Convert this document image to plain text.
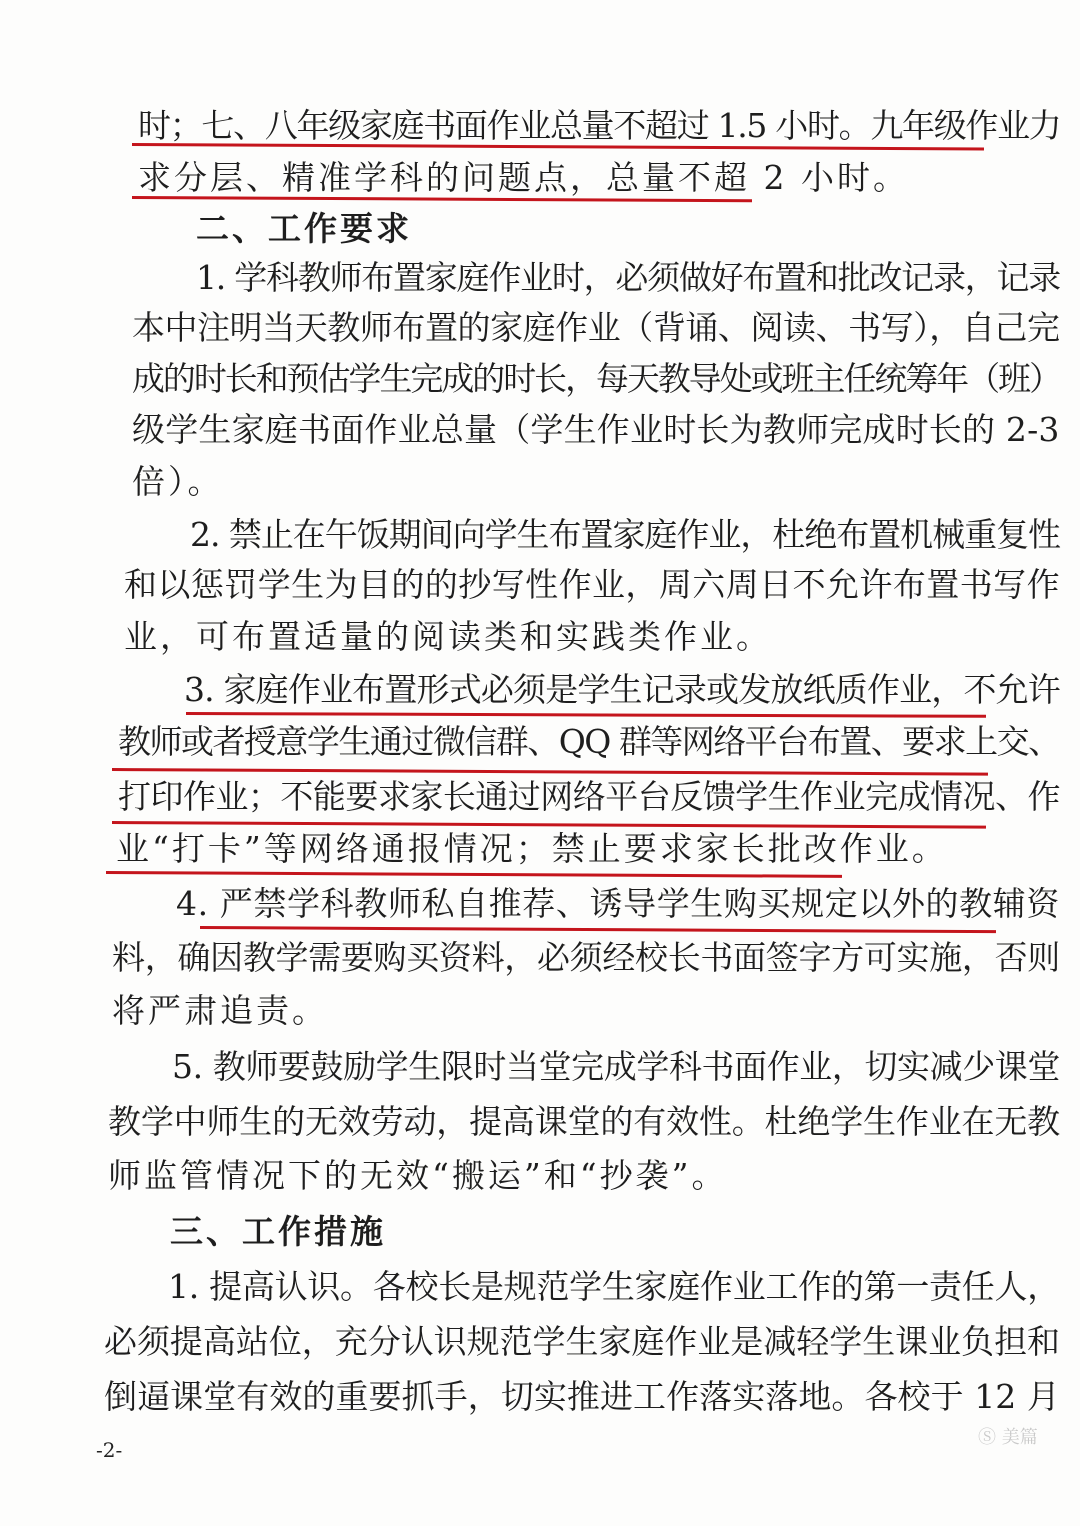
时；七、八年级家庭书面作业总量不超过 1.5 小时。九年级作业力
求分层、精准学科的问题点，总量不超 2 小时。
二、工作要求
1. 学科教师布置家庭作业时，必须做好布置和批改记录，记录
本中注明当天教师布置的家庭作业（背诵、阅读、书写），自己完
成的时长和预估学生完成的时长，每天教导处或班主任统筹年（班）
级学生家庭书面作业总量（学生作业时长为教师完成时长的 2-3
倍）。
2. 禁止在午饭期间向学生布置家庭作业，杜绝布置机械重复性
和以惩罚学生为目的的抄写性作业，周六周日不允许布置书写作
业，可布置适量的阅读类和实践类作业。
3. 家庭作业布置形式必须是学生记录或发放纸质作业，不允许
教师或者授意学生通过微信群、QQ 群等网络平台布置、要求上交、
打印作业；不能要求家长通过网络平台反馈学生作业完成情况、作
业“打卡”等网络通报情况；禁止要求家长批改作业。
4. 严禁学科教师私自推荐、诱导学生购买规定以外的教辅资
料，确因教学需要购买资料，必须经校长书面签字方可实施，否则
将严肃追责。
5. 教师要鼓励学生限时当堂完成学科书面作业，切实减少课堂
教学中师生的无效劳动，提高课堂的有效性。杜绝学生作业在无教
师监管情况下的无效“搬运”和“抄袭”。
三、工作措施
1. 提高认识。各校长是规范学生家庭作业工作的第一责任人，
必须提高站位，充分认识规范学生家庭作业是减轻学生课业负担和
倒逼课堂有效的重要抓手，切实推进工作落实落地。各校于 12 月
-2-
Ⓢ 美篇
